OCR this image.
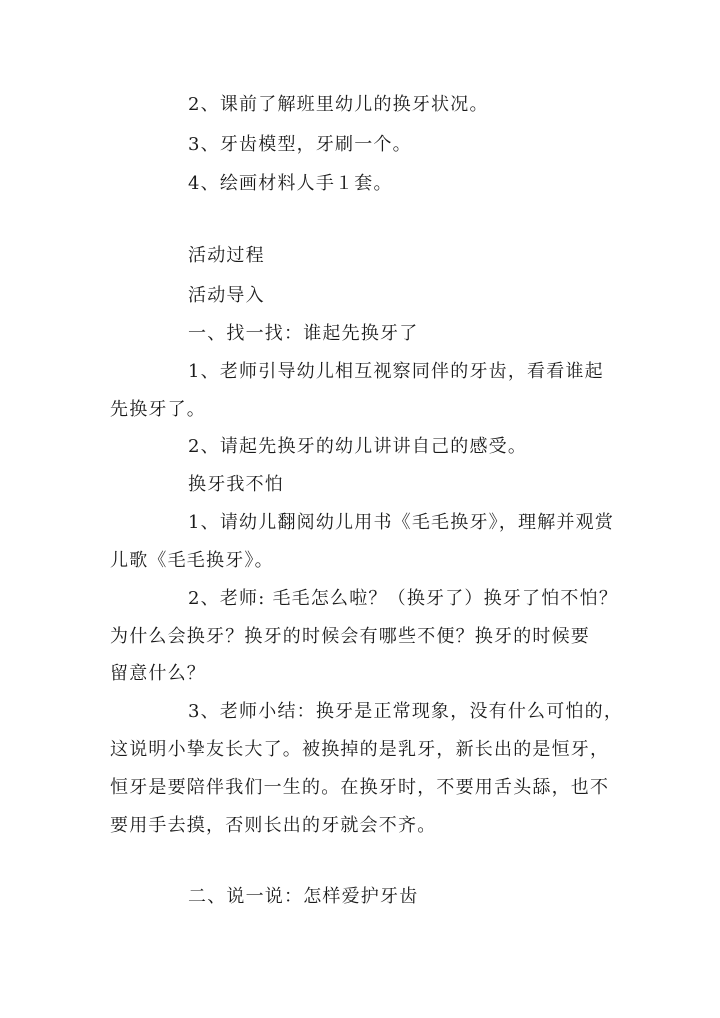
2、课前了解班里幼儿的换牙状况。
3、牙齿模型，牙刷一个。
4、绘画材料人手１套。
活动过程
活动导入
一、找一找：谁起先换牙了
1、老师引导幼儿相互视察同伴的牙齿，看看谁起
先换牙了。
2、请起先换牙的幼儿讲讲自己的感受。
换牙我不怕
1、请幼儿翻阅幼儿用书《毛毛换牙》，理解并观赏
儿歌《毛毛换牙》。
2、老师: 毛毛怎么啦？（换牙了）换牙了怕不怕？
为什么会换牙？换牙的时候会有哪些不便？换牙的时候要
留意什么？
3、老师小结：换牙是正常现象，没有什么可怕的，
这说明小挚友长大了。被换掉的是乳牙，新长出的是恒牙，
恒牙是要陪伴我们一生的。在换牙时，不要用舌头舔，也不
要用手去摸，否则长出的牙就会不齐。
二、说一说：怎样爱护牙齿
